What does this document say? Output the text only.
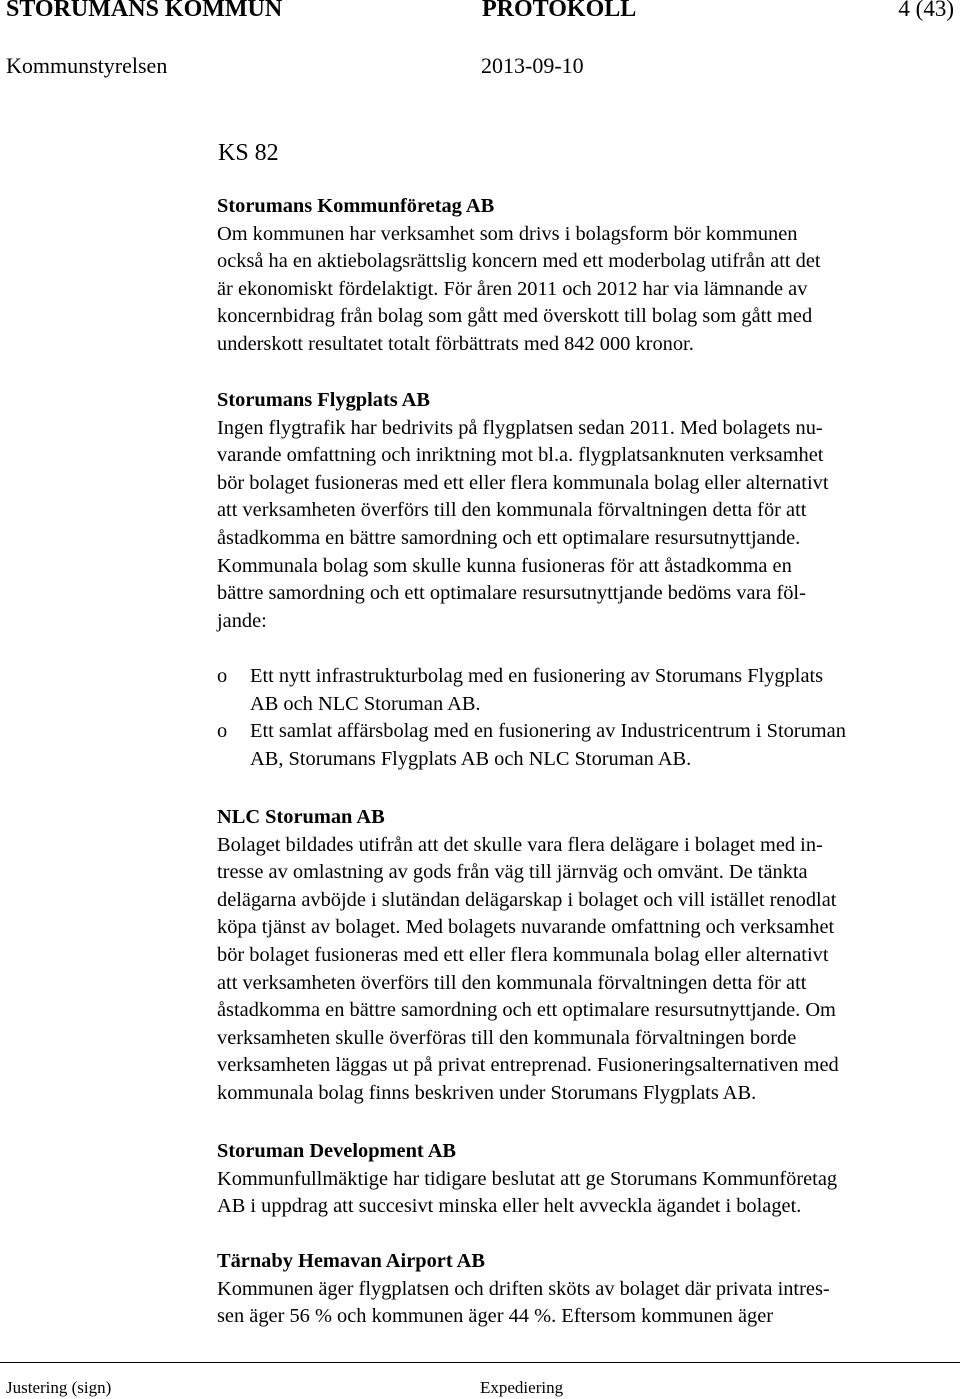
STORUMANS KOMMUN	PROTOKOLL	4 (43)
Kommunstyrelsen	2013-09-10
KS 82
Storumans Kommunföretag AB

Om kommunen har verksamhet som drivs i bolagsform bör kommunen
också ha en aktiebolagsrättslig koncern med ett moderbolag utifrån att det
är ekonomiskt fördelaktigt. För åren 2011 och 2012 har via lämnande av
koncernbidrag från bolag som gått med överskott till bolag som gått med
underskott resultatet totalt förbättrats med 842 000 kronor.

Storumans Flygplats AB

Ingen flygtrafik har bedrivits på flygplatsen sedan 2011. Med bolagets nu-
varande omfattning och inriktning mot bl.a. flygplatsanknuten verksamhet
bör bolaget fusioneras med ett eller flera kommunala bolag eller alternativt
att verksamheten överförs till den kommunala förvaltningen detta för att
åstadkomma en bättre samordning och ett optimalare resursutnyttjande.
Kommunala bolag som skulle kunna fusioneras för att åstadkomma en
bättre samordning och ett optimalare resursutnyttjande bedöms vara föl-
jande:

o Ett nytt infrastrukturbolag med en fusionering av Storumans Flygplats
AB och NLC Storuman AB.
o Ett samlat affärsbolag med en fusionering av Industricentrum i Storuman
AB, Storumans Flygplats AB och NLC Storuman AB.
NLC Storuman AB

Bolaget bildades utifrån att det skulle vara flera delägare i bolaget med in-
tresse av omlastning av gods från väg till järnväg och omvänt. De tänkta
delägarna avböjde i slutändan delägarskap i bolaget och vill istället renodlat
köpa tjänst av bolaget. Med bolagets nuvarande omfattning och verksamhet
bör bolaget fusioneras med ett eller flera kommunala bolag eller alternativt
att verksamheten överförs till den kommunala förvaltningen detta för att
åstadkomma en bättre samordning och ett optimalare resursutnyttjande. Om
verksamheten skulle överföras till den kommunala förvaltningen borde
verksamheten läggas ut på privat entreprenad. Fusioneringsalternativen med
kommunala bolag finns beskriven under Storumans Flygplats AB.

Storuman Development AB

Kommunfullmäktige har tidigare beslutat att ge Storumans Kommunföretag
AB i uppdrag att succesivt minska eller helt avveckla ägandet i bolaget.

Tärnaby Hemavan Airport AB

Kommunen äger flygplatsen och driften sköts av bolaget där privata intres-
sen äger 56 % och kommunen äger 44 %. Eftersom kommunen äger

Justering (sign)	Expediering
